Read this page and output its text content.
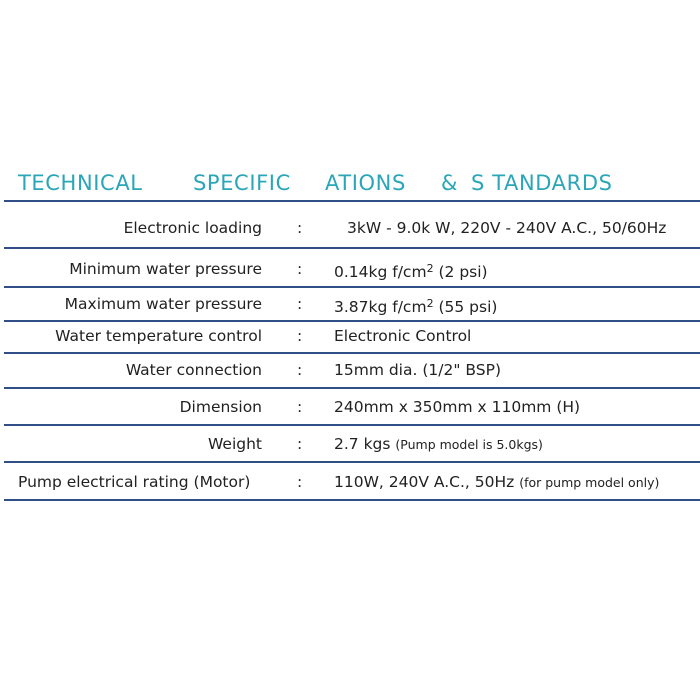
TECHNICAL SPECIFIC ATIONS & S TANDARDS
Electronic loading :	3kW - 9.0k W, 220V - 240V A.C., 50/60Hz
Minimum water pressure : 0.14kg $f/cm^2$ (2 psi)
Maximum water pressure : 3.87kg $f/cm^2$ (55 psi)
Water temperature control : Electronic Control
Water connection : 15mm dia. (1/2" BSP)
Dimension : 240mm x 350mm x 110mm (H)
Weight : 2.7 kgs (Pump model is 5.0kgs)
Pump electrical rating (Motor)	: 110W, 240V A.C., 50Hz (for pump model only)
